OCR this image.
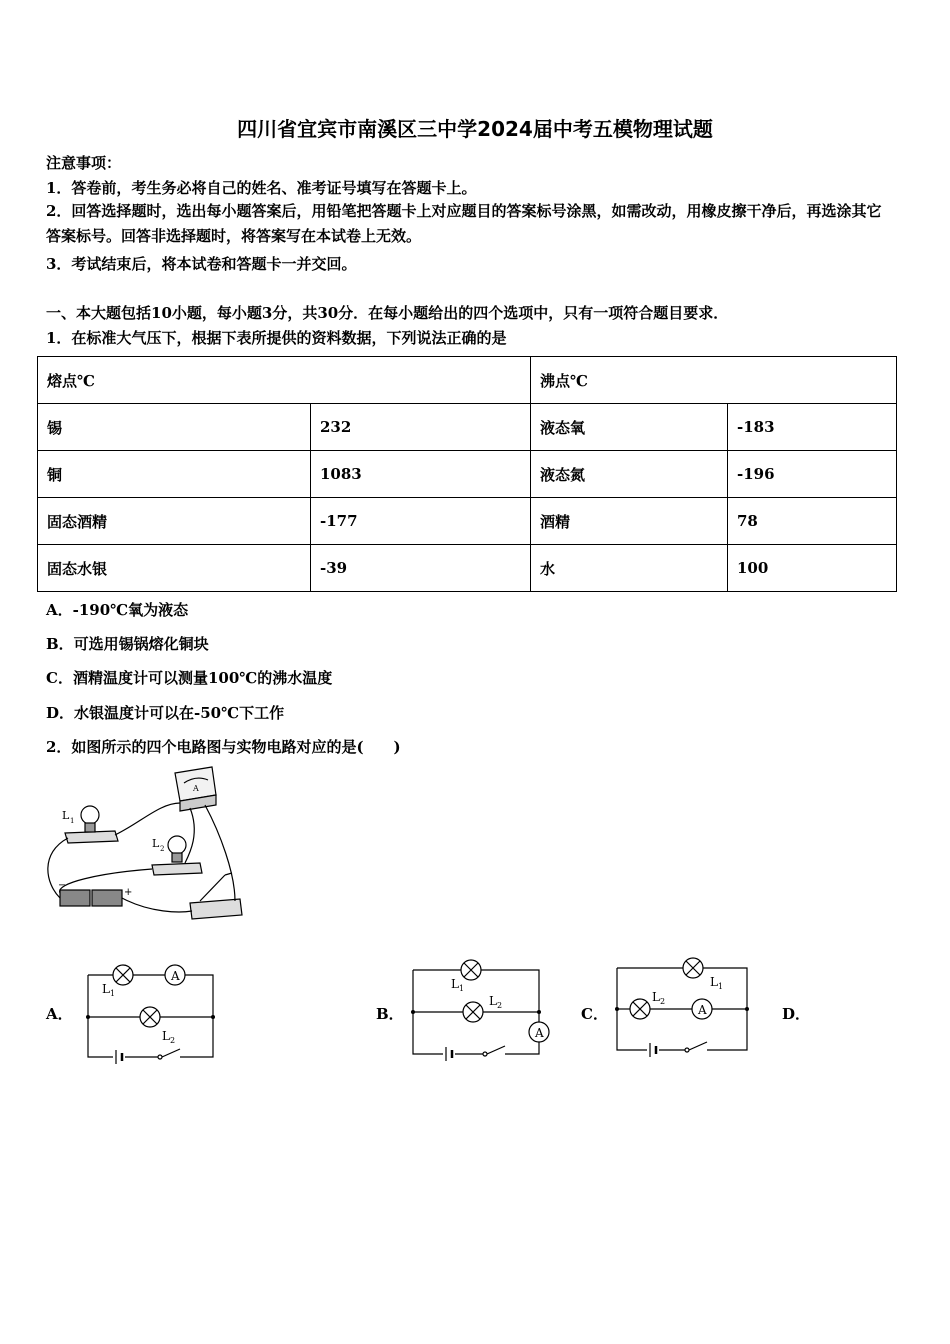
四川省宜宾市南溪区三中学2024届中考五模物理试题
注意事项：
1．答卷前，考生务必将自己的姓名、准考证号填写在答题卡上。
2．回答选择题时，选出每小题答案后，用铅笔把答题卡上对应题目的答案标号涂黑，如需改动，用橡皮擦干净后，再选涂其它答案标号。回答非选择题时，将答案写在本试卷上无效。
3．考试结束后，将本试卷和答题卡一并交回。
一、本大题包括10小题，每小题3分，共30分．在每小题给出的四个选项中，只有一项符合题目要求．
1．在标准大气压下，根据下表所提供的资料数据，下列说法正确的是
熔点℃		沸点℃	
锡	232	液态氧	-183
铜	1083	液态氮	-196
固态酒精	-177	酒精	78
固态水银	-39	水	100
A．-190℃氧为液态
B．可选用锡锅熔化铜块
C．酒精温度计可以测量100℃的沸水温度
D．水银温度计可以在-50℃下工作
2．如图所示的四个电路图与实物电路对应的是(　　)
L 1
L 2
A
+
−
A．	B．	C．	D．
A
L 1
L 2
A
L 1
L 2	A
L 1
L 2
